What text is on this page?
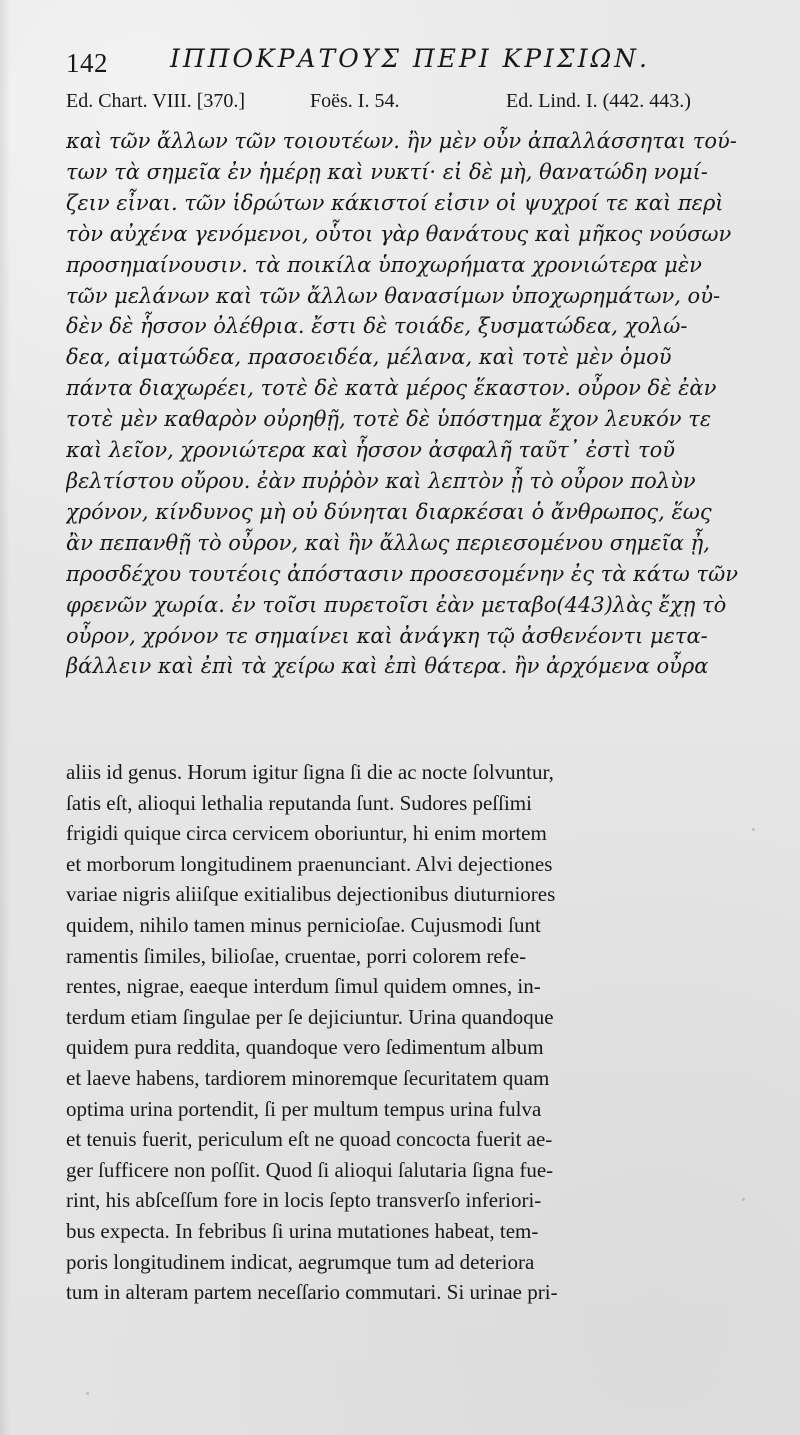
142 ΙΠΠΟΚΡΑΤΟΥΣ ΠΕΡΙ ΚΡΙΣΙΩΝ.
Ed. Chart. VIII. [370.]	Foës. I. 54.	Ed. Lind. I. (442. 443.)
καὶ τῶν ἄλλων τῶν τοιουτέων. ἢν μὲν οὖν ἀπαλλάσσηται τού-
των τὰ σημεῖα ἐν ἡμέρῃ καὶ νυκτί· εἰ δὲ μὴ, θανατώδη νομί-
ζειν εἶναι. τῶν ἱδρώτων κάκιστοί εἰσιν οἱ ψυχροί τε καὶ περὶ
τὸν αὐχένα γενόμενοι, οὗτοι γὰρ θανάτους καὶ μῆκος νούσων
προσημαίνουσιν. τὰ ποικίλα ὑποχωρήματα χρονιώτερα μὲν
τῶν μελάνων καὶ τῶν ἄλλων θανασίμων ὑποχωρημάτων, οὐ-
δὲν δὲ ἧσσον ὀλέθρια. ἔστι δὲ τοιάδε, ξυσματώδεα, χολώ-
δεα, αἱματώδεα, πρασοειδέα, μέλανα, καὶ τοτὲ μὲν ὁμοῦ
πάντα διαχωρέει, τοτὲ δὲ κατὰ μέρος ἕκαστον. οὖρον δὲ ἐὰν
τοτὲ μὲν καθαρὸν οὐρηθῇ, τοτὲ δὲ ὑπόστημα ἔχον λευκόν τε
καὶ λεῖον, χρονιώτερα καὶ ἧσσον ἀσφαλῆ ταῦτ᾽ ἐστὶ τοῦ
βελτίστου οὔρου. ἐὰν πυῤῥὸν καὶ λεπτὸν ᾖ τὸ οὖρον πολὺν
χρόνον, κίνδυνος μὴ οὐ δύνηται διαρκέσαι ὁ ἄνθρωπος, ἕως
ἂν πεπανθῇ τὸ οὖρον, καὶ ἢν ἄλλως περιεσομένου σημεῖα ᾖ,
προσδέχου τουτέοις ἀπόστασιν προσεσομένην ἐς τὰ κάτω τῶν
φρενῶν χωρία. ἐν τοῖσι πυρετοῖσι ἐὰν μεταβο(443)λὰς ἔχῃ τὸ
οὖρον, χρόνον τε σημαίνει καὶ ἀνάγκη τῷ ἀσθενέοντι μετα-
βάλλειν καὶ ἐπὶ τὰ χείρω καὶ ἐπὶ θάτερα. ἢν ἀρχόμενα οὖρα
aliis id genus. Horum igitur ſigna ſi die ac nocte ſolvuntur,
ſatis eſt, alioqui lethalia reputanda ſunt. Sudores peſſimi
frigidi quique circa cervicem oboriuntur, hi enim mortem
et morborum longitudinem praenunciant. Alvi dejectiones
variae nigris aliiſque exitialibus dejectionibus diuturniores
quidem, nihilo tamen minus pernicioſae. Cujusmodi ſunt
ramentis ſimiles, bilioſae, cruentae, porri colorem refe-
rentes, nigrae, eaeque interdum ſimul quidem omnes, in-
terdum etiam ſingulae per ſe dejiciuntur. Urina quandoque
quidem pura reddita, quandoque vero ſedimentum album
et laeve habens, tardiorem minoremque ſecuritatem quam
optima urina portendit, ſi per multum tempus urina fulva
et tenuis fuerit, periculum eſt ne quoad concocta fuerit ae-
ger ſufficere non poſſit. Quod ſi alioqui ſalutaria ſigna fue-
rint, his abſceſſum fore in locis ſepto transverſo inferiori-
bus expecta. In febribus ſi urina mutationes habeat, tem-
poris longitudinem indicat, aegrumque tum ad deteriora
tum in alteram partem neceſſario commutari. Si urinae pri-
